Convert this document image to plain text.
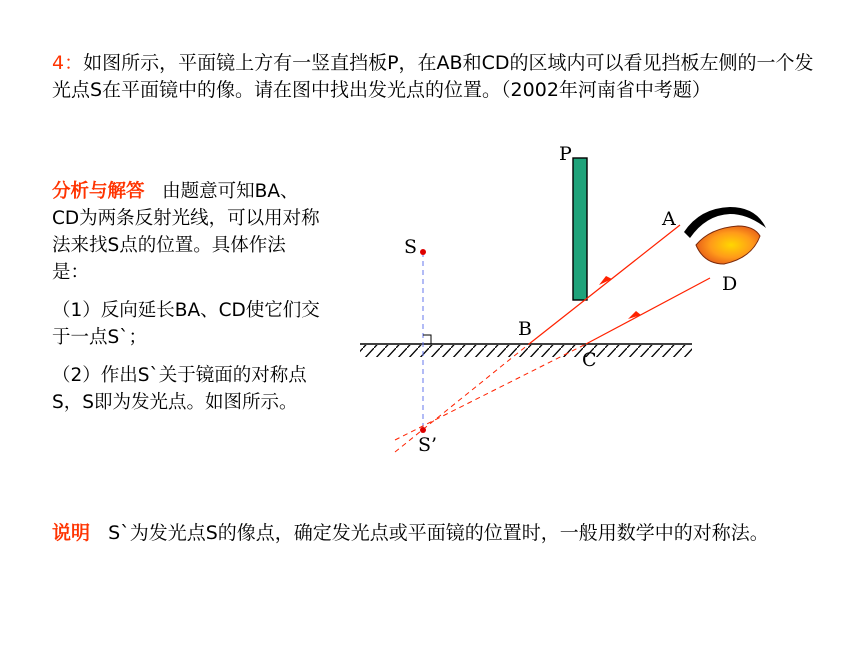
4：如图所示，平面镜上方有一竖直挡板P，在AB和CD的区域内可以看见挡板左侧的一个发光点S在平面镜中的像。请在图中找出发光点的位置。（2002年河南省中考题）

分析与解答 由题意可知BA、CD为两条反射光线，可以用对称法来找S点的位置。具体作法是：

（1）反向延长BA、CD使它们交于一点S`；

（2）作出S`关于镜面的对称点S，S即为发光点。如图所示。

P
A
D
S
B
C
S’
说明 S`为发光点S的像点，确定发光点或平面镜的位置时，一般用数学中的对称法。
